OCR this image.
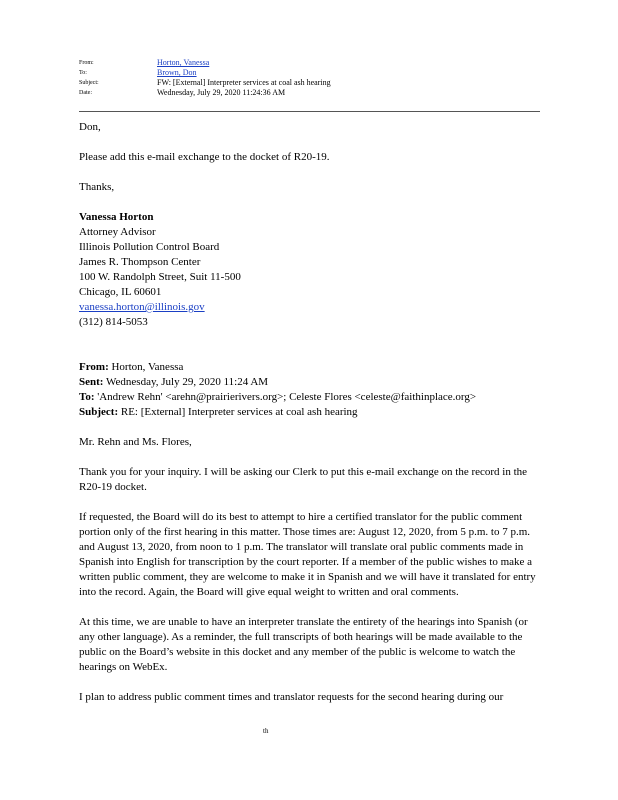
From:	Horton, Vanessa
To:	Brown, Don
Subject:	FW: [External] Interpreter services at coal ash hearing
Date:	Wednesday, July 29, 2020 11:24:36 AM

Don,

Please add this e-mail exchange to the docket of R20-19.

Thanks,

Vanessa Horton
Attorney Advisor
Illinois Pollution Control Board
James R. Thompson Center
100 W. Randolph Street, Suit 11-500
Chicago, IL 60601
vanessa.horton@illinois.gov
(312) 814-5053
From: Horton, Vanessa
Sent: Wednesday, July 29, 2020 11:24 AM
To: 'Andrew Rehn' <arehn@prairierivers.org>; Celeste Flores <celeste@faithinplace.org>
Subject: RE: [External] Interpreter services at coal ash hearing

Mr. Rehn and Ms. Flores,

Thank you for your inquiry. I will be asking our Clerk to put this e-mail exchange on the record in the R20-19 docket.

If requested, the Board will do its best to attempt to hire a certified translator for the public comment portion only of the first hearing in this matter. Those times are: August 12, 2020, from 5 p.m. to 7 p.m. and August 13, 2020, from noon to 1 p.m. The translator will translate oral public comments made in Spanish into English for transcription by the court reporter. If a member of the public wishes to make a written public comment, they are welcome to make it in Spanish and we will have it translated for entry into the record. Again, the Board will give equal weight to written and oral comments.

At this time, we are unable to have an interpreter translate the entirety of the hearings into Spanish (or any other language). As a reminder, the full transcripts of both hearings will be made available to the public on the Board’s website in this docket and any member of the public is welcome to watch the hearings on WebEx.

I plan to address public comment times and translator requests for the second hearing during our

th
